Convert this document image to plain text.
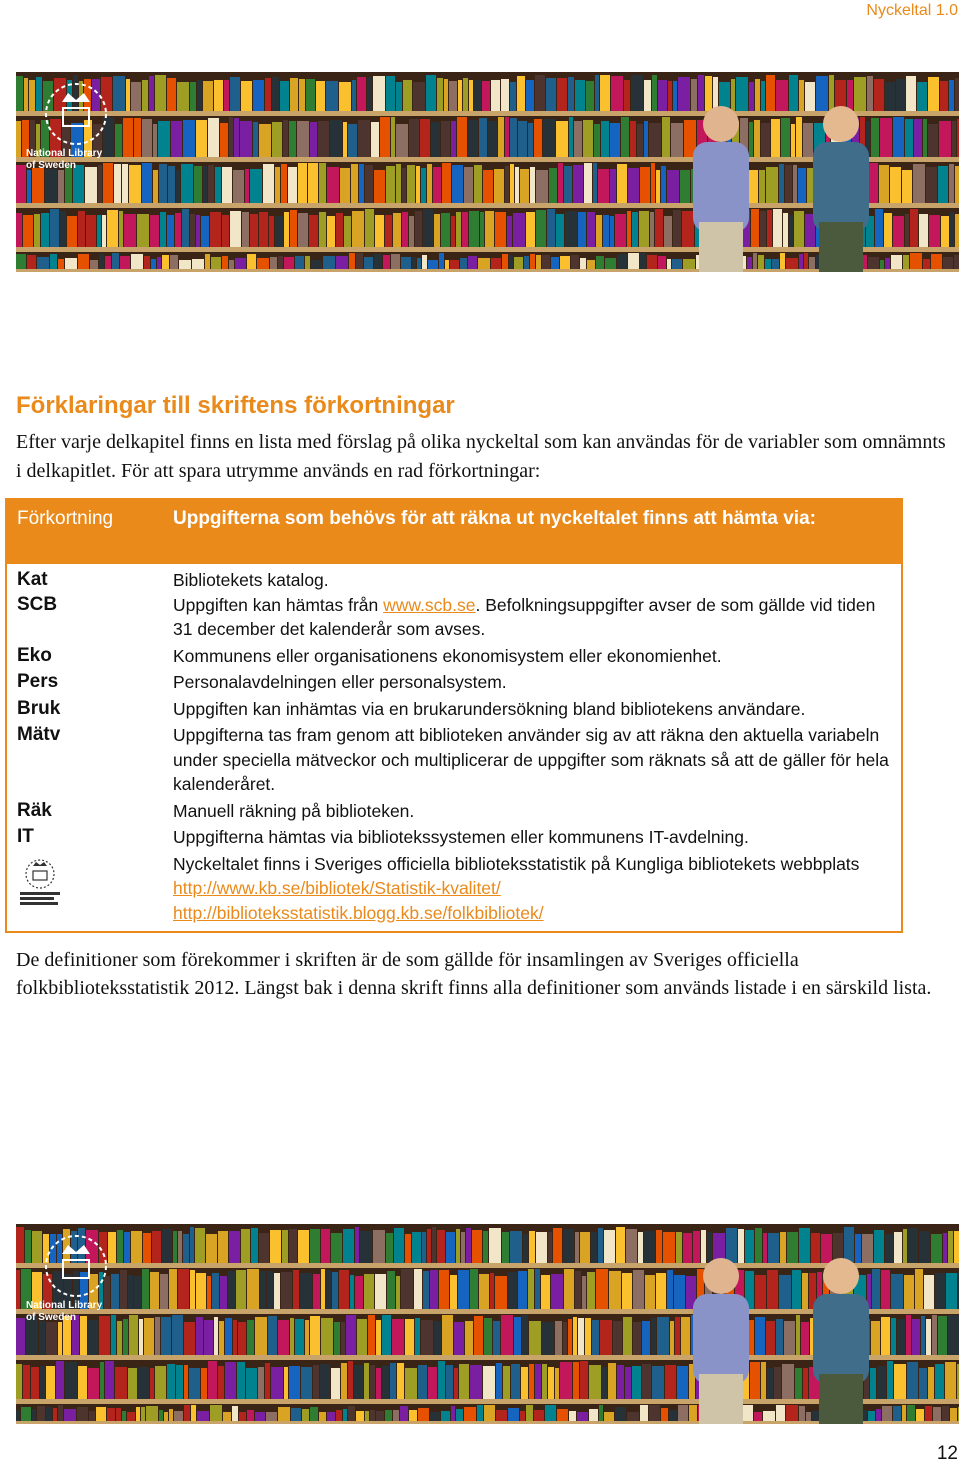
Nyckeltal 1.0
National Library
of Sweden
Förklaringar till skriftens förkortningar

Efter varje delkapitel finns en lista med förslag på olika nyckeltal som kan användas för de variabler som omnämnts i delkapitlet. För att spara utrymme används en rad förkortningar:

Förkortning	Uppgifterna som behövs för att räkna ut nyckeltalet finns att hämta via:
Kat	Bibliotekets katalog.
SCB	Uppgiften kan hämtas från www.scb.se. Befolkningsuppgifter avser de som gällde vid tiden 31 december det kalenderår som avses.
Eko	Kommunens eller organisationens ekonomisystem eller ekonomienhet.
Pers	Personalavdelningen eller personalsystem.
Bruk	Uppgiften kan inhämtas via en brukarundersökning bland bibliotekens användare.
Mätv	Uppgifterna tas fram genom att biblioteken använder sig av att räkna den aktuella variabeln under speciella mätveckor och multiplicerar de uppgifter som räknats så att de gäller för hela kalenderåret.
Räk	Manuell räkning på biblioteken.
IT	Uppgifterna hämtas via bibliotekssystemen eller kommunens IT-avdelning.

	Nyckeltalet finns i Sveriges officiella biblioteksstatistik på Kungliga bibliotekets webbplats http://www.kb.se/bibliotek/Statistik-kvalitet/
http://biblioteksstatistik.blogg.kb.se/folkbibliotek/

De definitioner som förekommer i skriften är de som gällde för insamlingen av Sveriges officiella folkbiblioteksstatistik 2012. Längst bak i denna skrift finns alla definitioner som används listade i en särskild lista.

National Library
of Sweden
12
